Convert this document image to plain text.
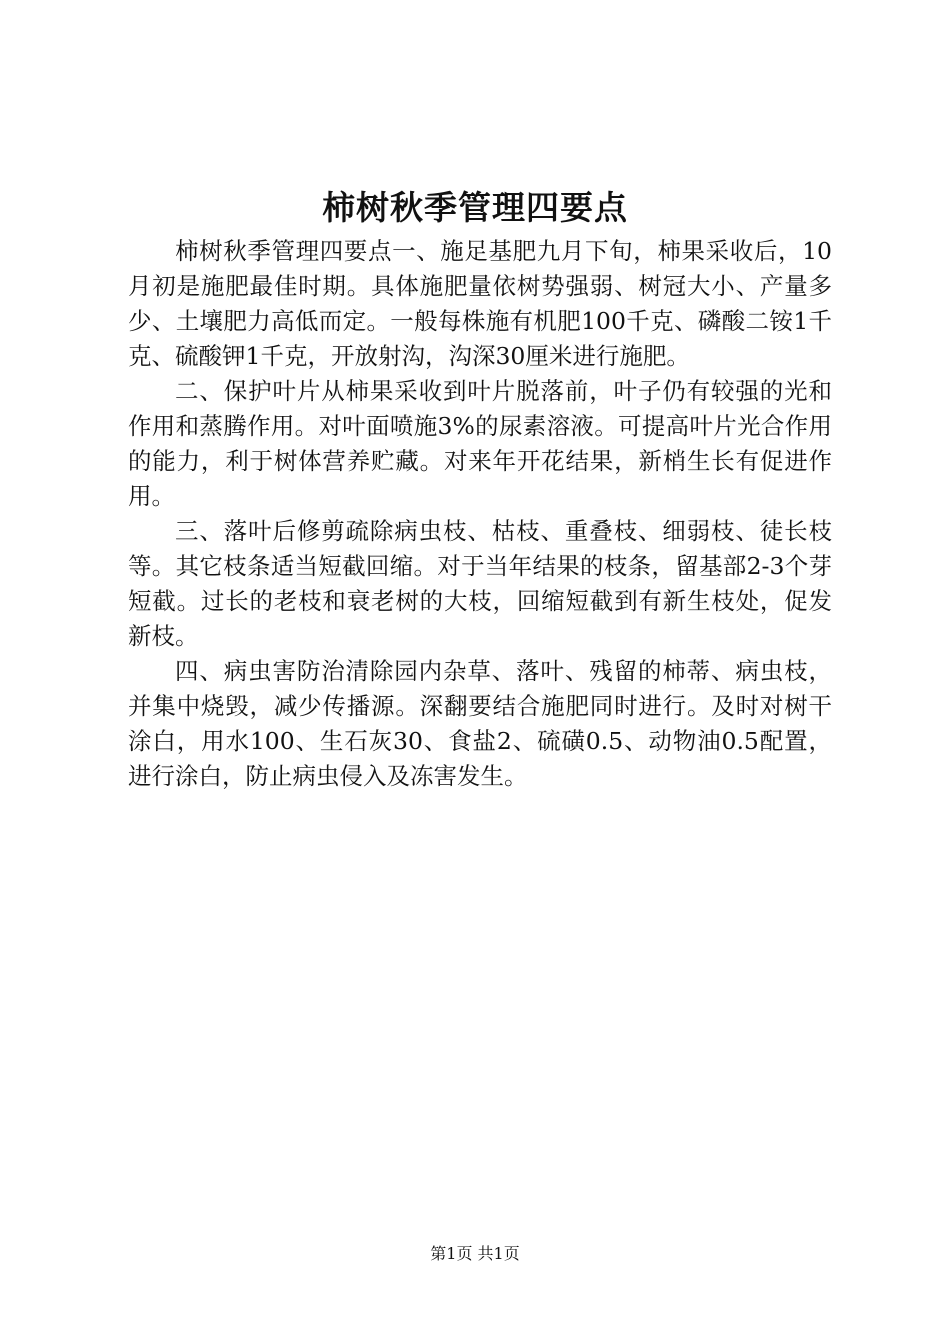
柿树秋季管理四要点

柿树秋季管理四要点一、施足基肥九月下旬，柿果采收后，10月初是施肥最佳时期。具体施肥量依树势强弱、树冠大小、产量多少、土壤肥力高低而定。一般每株施有机肥100千克、磷酸二铵1千克、硫酸钾1千克，开放射沟，沟深30厘米进行施肥。

二、保护叶片从柿果采收到叶片脱落前，叶子仍有较强的光和作用和蒸腾作用。对叶面喷施3%的尿素溶液。可提高叶片光合作用的能力，利于树体营养贮藏。对来年开花结果，新梢生长有促进作用。

三、落叶后修剪疏除病虫枝、枯枝、重叠枝、细弱枝、徒长枝等。其它枝条适当短截回缩。对于当年结果的枝条，留基部2-3个芽短截。过长的老枝和衰老树的大枝，回缩短截到有新生枝处，促发新枝。

四、病虫害防治清除园内杂草、落叶、残留的柿蒂、病虫枝，并集中烧毁，减少传播源。深翻要结合施肥同时进行。及时对树干涂白，用水100、生石灰30、食盐2、硫磺0.5、动物油0.5配置，进行涂白，防止病虫侵入及冻害发生。

第1页 共1页
